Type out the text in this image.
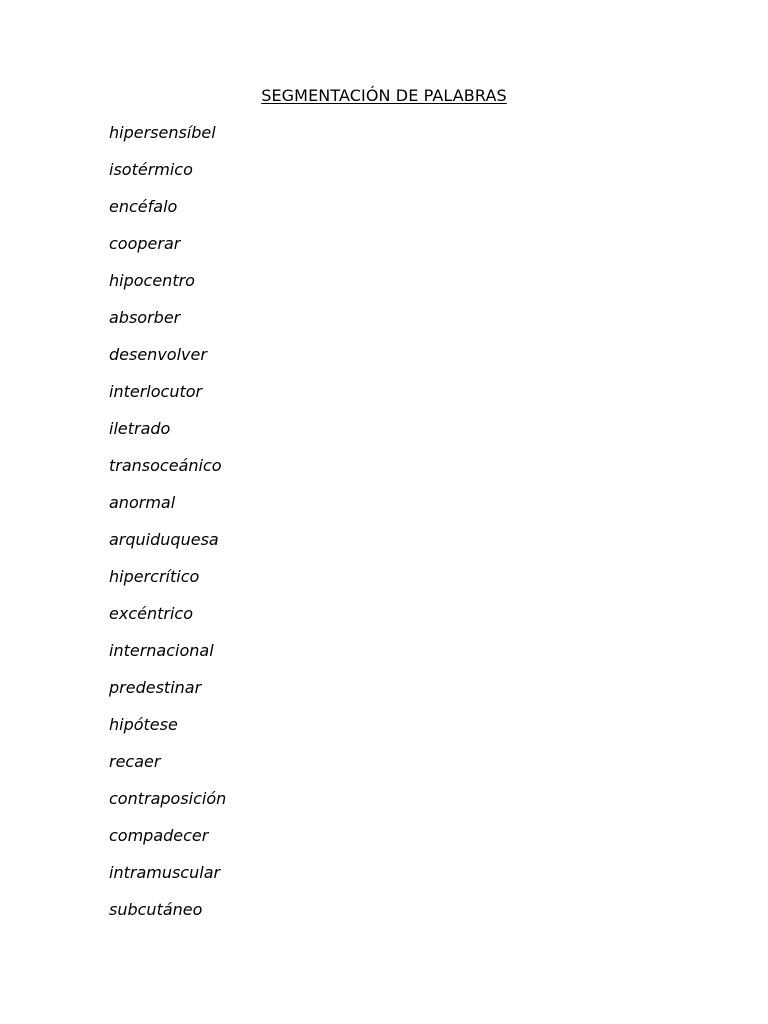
SEGMENTACIÓN DE PALABRAS
hipersensíbel
isotérmico
encéfalo
cooperar
hipocentro
absorber
desenvolver
interlocutor
iletrado
transoceánico
anormal
arquiduquesa
hipercrítico
excéntrico
internacional
predestinar
hipótese
recaer
contraposición
compadecer
intramuscular
subcutáneo
